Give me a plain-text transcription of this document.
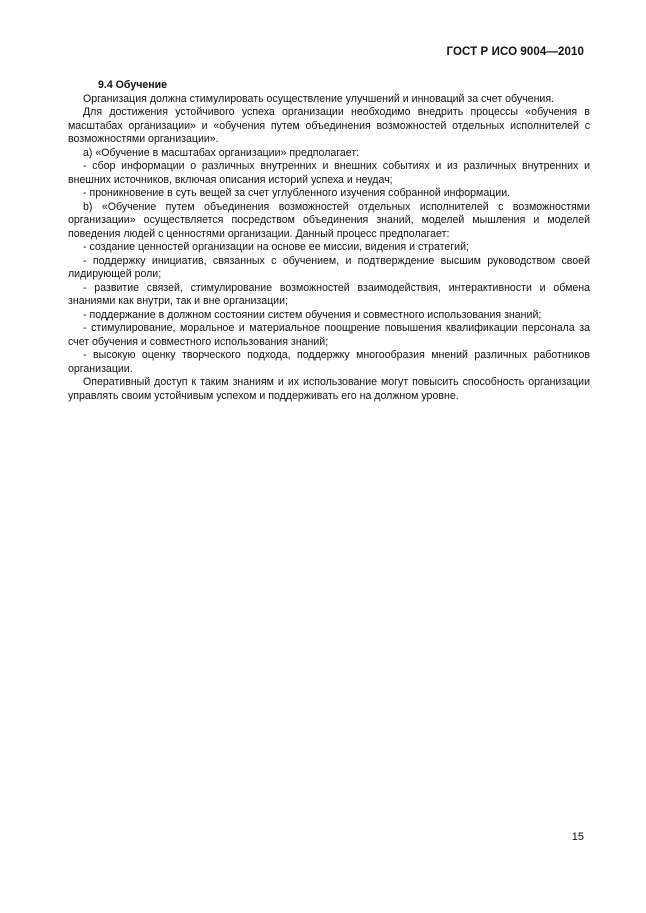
ГОСТ Р ИСО 9004—2010

9.4 Обучение

Организация должна стимулировать осуществление улучшений и инноваций за счет обучения.

Для достижения устойчивого успеха организации необходимо внедрить процессы «обучения в масштабах организации» и «обучения путем объединения возможностей отдельных исполнителей с возможностями организации».

а) «Обучение в масштабах организации» предполагает:

- сбор информации о различных внутренних и внешних событиях и из различных внутренних и внешних источников, включая описания историй успеха и неудач;

- проникновение в суть вещей за счет углубленного изучения собранной информации.

b) «Обучение путем объединения возможностей отдельных исполнителей с возможностями организации» осуществляется посредством объединения знаний, моделей мышления и моделей поведения людей с ценностями организации. Данный процесс предполагает:

- создание ценностей организации на основе ее миссии, видения и стратегий;

- поддержку инициатив, связанных с обучением, и подтверждение высшим руководством своей лидирующей роли;

- развитие связей, стимулирование возможностей взаимодействия, интерактивности и обмена знаниями как внутри, так и вне организации;

- поддержание в должном состоянии систем обучения и совместного использования знаний;

- стимулирование, моральное и материальное поощрение повышения квалификации персонала за счет обучения и совместного использования знаний;

- высокую оценку творческого подхода, поддержку многообразия мнений различных работников организации.

Оперативный доступ к таким знаниям и их использование могут повысить способность организации управлять своим устойчивым успехом и поддерживать его на должном уровне.

15
